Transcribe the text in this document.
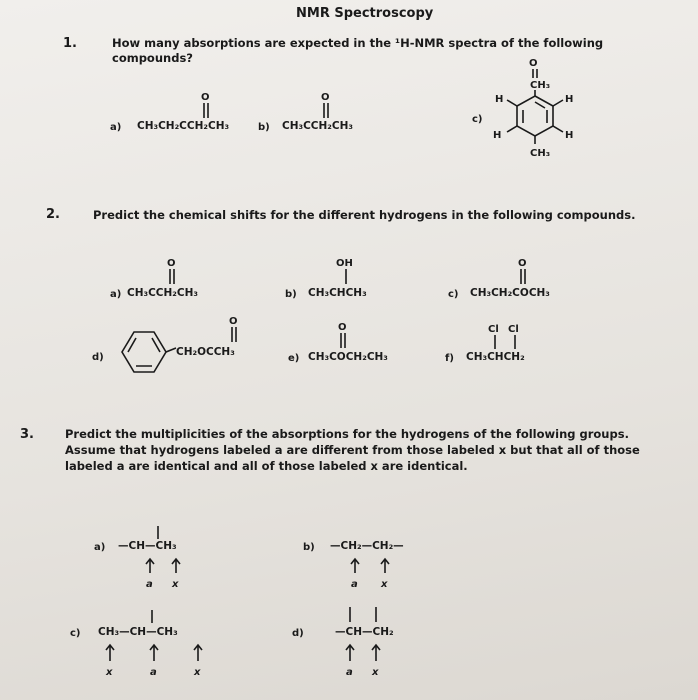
NMR Spectroscopy
1.	How many absorptions are expected in the ¹H-NMR spectra of the following
compounds?
a) CH₃CH₂CCH₂CH₃
O
b) CH₃CCH₂CH₃
O
c)
O
CH₃
H	H
H	H
CH₃
2.	Predict the chemical shifts for the different hydrogens in the following compounds.
a) CH₃CCH₂CH₃
O
b) CH₃CHCH₃
OH
c) CH₃CH₂COCH₃
O
d)	CH₂OCCH₃
O
e) CH₃COCH₂CH₃
O
f) CH₃CHCH₂
Cl Cl
3.	Predict the multiplicities of the absorptions for the hydrogens of the following groups.
Assume that hydrogens labeled a are different from those labeled x but that all of those
labeled a are identical and all of those labeled x are identical.
a) —CH—CH₃
a x
b) —CH₂—CH₂—
a x
c) CH₃—CH—CH₃
x	a	x
d)	—CH—CH₂
a x
